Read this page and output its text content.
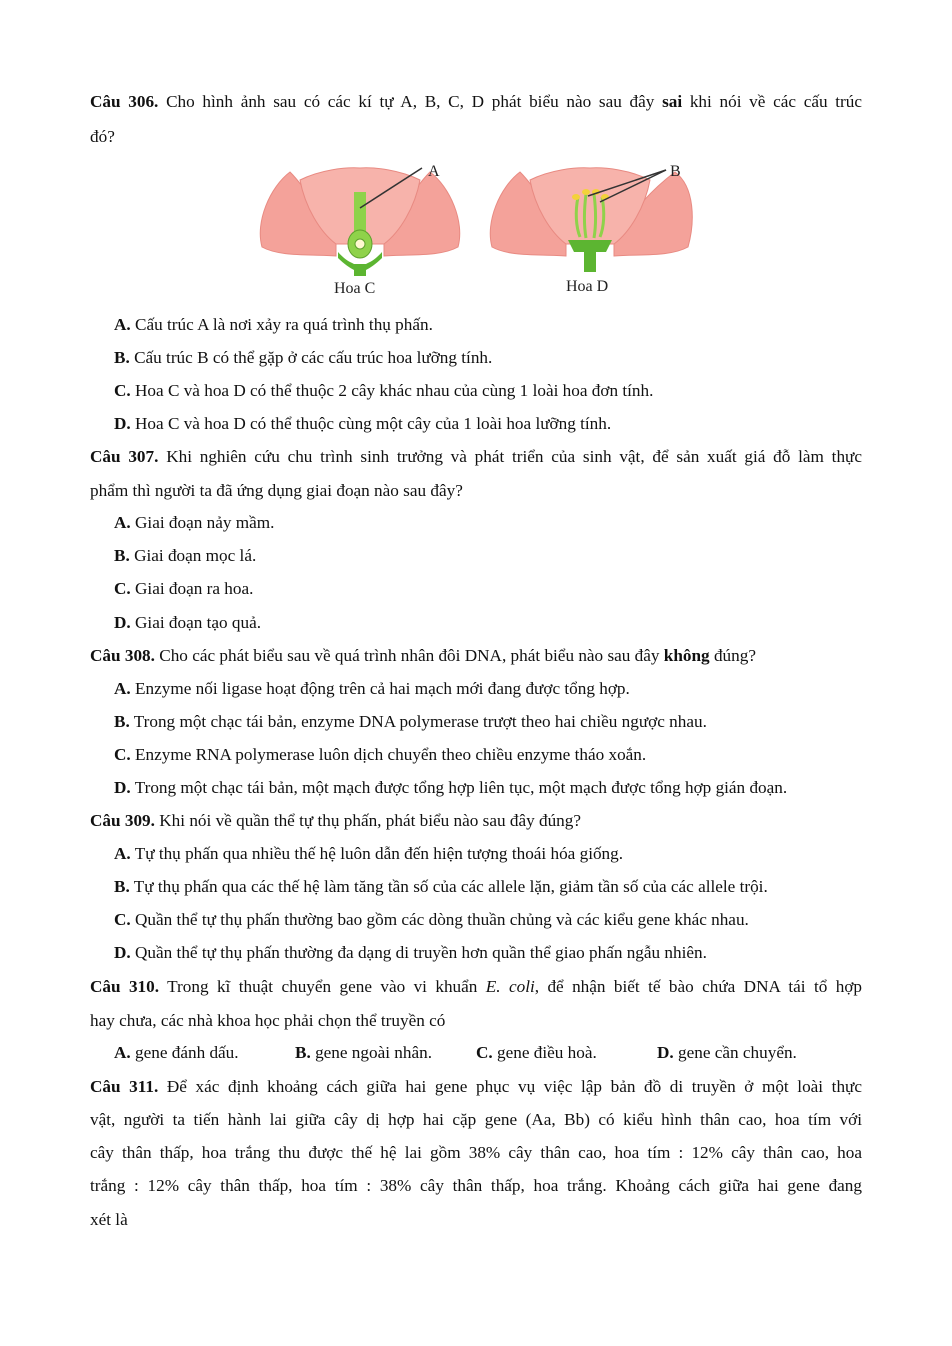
Câu 306. Cho hình ảnh sau có các kí tự A, B, C, D phát biểu nào sau đây sai khi nói về các cấu trúc
đó?
A
Hoa C
B
Hoa D
A. Cấu trúc A là nơi xảy ra quá trình thụ phấn.
B. Cấu trúc B có thể gặp ở các cấu trúc hoa lưỡng tính.
C. Hoa C và hoa D có thể thuộc 2 cây khác nhau của cùng 1 loài hoa đơn tính.
D. Hoa C và hoa D có thể thuộc cùng một cây của 1 loài hoa lưỡng tính.
Câu 307. Khi nghiên cứu chu trình sinh trưởng và phát triển của sinh vật, để sản xuất giá đỗ làm thực
phẩm thì người ta đã ứng dụng giai đoạn nào sau đây?
A. Giai đoạn nảy mầm.
B. Giai đoạn mọc lá.
C. Giai đoạn ra hoa.
D. Giai đoạn tạo quả.
Câu 308. Cho các phát biểu sau về quá trình nhân đôi DNA, phát biểu nào sau đây không đúng?
A. Enzyme nối ligase hoạt động trên cả hai mạch mới đang được tổng hợp.
B. Trong một chạc tái bản, enzyme DNA polymerase trượt theo hai chiều ngược nhau.
C. Enzyme RNA polymerase luôn dịch chuyển theo chiều enzyme tháo xoắn.
D. Trong một chạc tái bản, một mạch được tổng hợp liên tục, một mạch được tổng hợp gián đoạn.
Câu 309. Khi nói về quần thể tự thụ phấn, phát biểu nào sau đây đúng?
A. Tự thụ phấn qua nhiều thế hệ luôn dẫn đến hiện tượng thoái hóa giống.
B. Tự thụ phấn qua các thế hệ làm tăng tần số của các allele lặn, giảm tần số của các allele trội.
C. Quần thể tự thụ phấn thường bao gồm các dòng thuần chủng và các kiểu gene khác nhau.
D. Quần thể tự thụ phấn thường đa dạng di truyền hơn quần thể giao phấn ngẫu nhiên.
Câu 310. Trong kĩ thuật chuyển gene vào vi khuẩn E. coli, để nhận biết tế bào chứa DNA tái tổ hợp
hay chưa, các nhà khoa học phải chọn thể truyền có
A. gene đánh dấu.	B. gene ngoài nhân.	C. gene điều hoà.	D. gene cần chuyển.
Câu 311. Để xác định khoảng cách giữa hai gene phục vụ việc lập bản đồ di truyền ở một loài thực
vật, người ta tiến hành lai giữa cây dị hợp hai cặp gene (Aa, Bb) có kiểu hình thân cao, hoa tím với
cây thân thấp, hoa trắng thu được thế hệ lai gồm 38% cây thân cao, hoa tím : 12% cây thân cao, hoa
trắng : 12% cây thân thấp, hoa tím : 38% cây thân thấp, hoa trắng. Khoảng cách giữa hai gene đang
xét là
